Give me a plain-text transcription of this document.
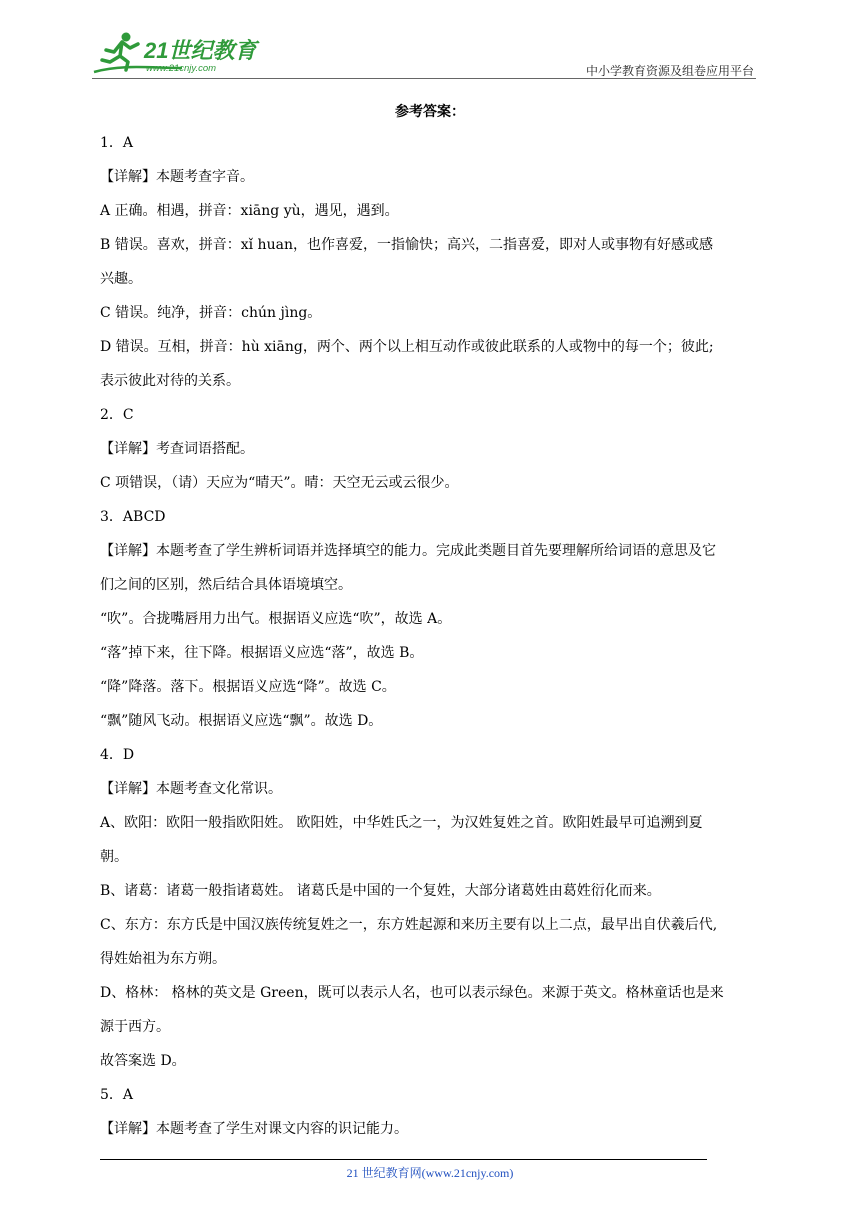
21世纪教育
www.21cnjy.com	中小学教育资源及组卷应用平台
参考答案：

1．A

【详解】本题考查字音。

A 正确。相遇，拼音：xiāng yù，遇见，遇到。

B 错误。喜欢，拼音：xǐ huan，也作喜爱，一指愉快；高兴，二指喜爱，即对人或事物有好感或感

兴趣。

C 错误。纯净，拼音：chún jìng。

D 错误。互相，拼音：hù xiāng，两个、两个以上相互动作或彼此联系的人或物中的每一个；彼此;

表示彼此对待的关系。

2．C

【详解】考查词语搭配。

C 项错误，（请）天应为“晴天”。晴：天空无云或云很少。

3．ABCD

【详解】本题考查了学生辨析词语并选择填空的能力。完成此类题目首先要理解所给词语的意思及它

们之间的区别，然后结合具体语境填空。

“吹”。合拢嘴唇用力出气。根据语义应选“吹”，故选 A。

“落”掉下来，往下降。根据语义应选“落”，故选 B。

“降”降落。落下。根据语义应选“降”。故选 C。

“飘”随风飞动。根据语义应选“飘”。故选 D。

4．D

【详解】本题考查文化常识。

A、欧阳：欧阳一般指欧阳姓。 欧阳姓，中华姓氏之一，为汉姓复姓之首。欧阳姓最早可追溯到夏

朝。

B、诸葛：诸葛一般指诸葛姓。 诸葛氏是中国的一个复姓，大部分诸葛姓由葛姓衍化而来。

C、东方：东方氏是中国汉族传统复姓之一，东方姓起源和来历主要有以上二点，最早出自伏羲后代,

得姓始祖为东方朔。

D、格林： 格林的英文是 Green，既可以表示人名，也可以表示绿色。来源于英文。格林童话也是来

源于西方。

故答案选 D。

5．A

【详解】本题考查了学生对课文内容的识记能力。

21 世纪教育网(www.21cnjy.com)
